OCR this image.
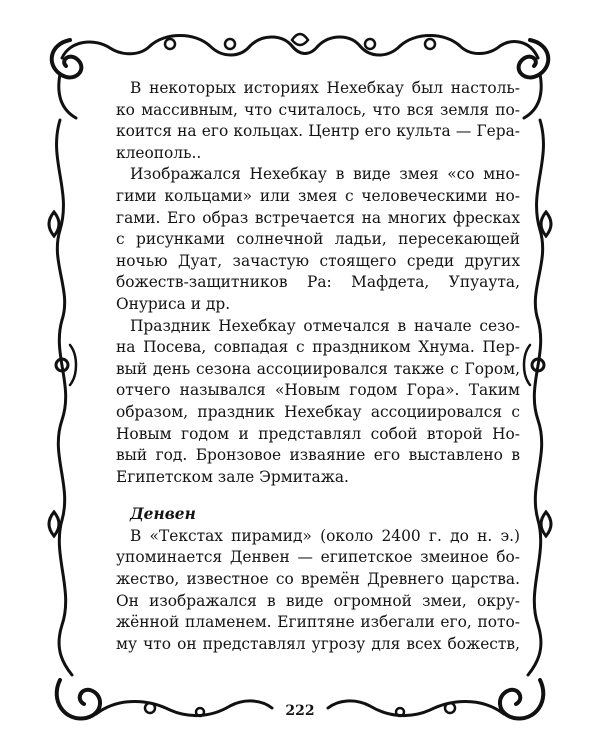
В некоторых историях Нехебкау был настоль-
ко массивным, что считалось, что вся земля по-
коится на его кольцах. Центр его культа — Гера-
клеополь..
Изображался Нехебкау в виде змея «со мно-
гими кольцами» или змея с человеческими но-
гами. Его образ встречается на многих фресках
с рисунками солнечной ладьи, пересекающей
ночью Дуат, зачастую стоящего среди других
божеств-защитников Ра: Мафдета, Упуаута,
Онуриса и др.
Праздник Нехебкау отмечался в начале сезо-
на Посева, совпадая с праздником Хнума. Пер-
вый день сезона ассоциировался также с Гором,
отчего назывался «Новым годом Гора». Таким
образом, праздник Нехебкау ассоциировался с
Новым годом и представлял собой второй Но-
вый год. Бронзовое изваяние его выставлено в
Египетском зале Эрмитажа.
Денвен
В «Текстах пирамид» (около 2400 г. до н. э.)
упоминается Денвен — египетское змеиное бо-
жество, известное со времён Древнего царства.
Он изображался в виде огромной змеи, окру-
жённой пламенем. Египтяне избегали его, пото-
му что он представлял угрозу для всех божеств,
222
